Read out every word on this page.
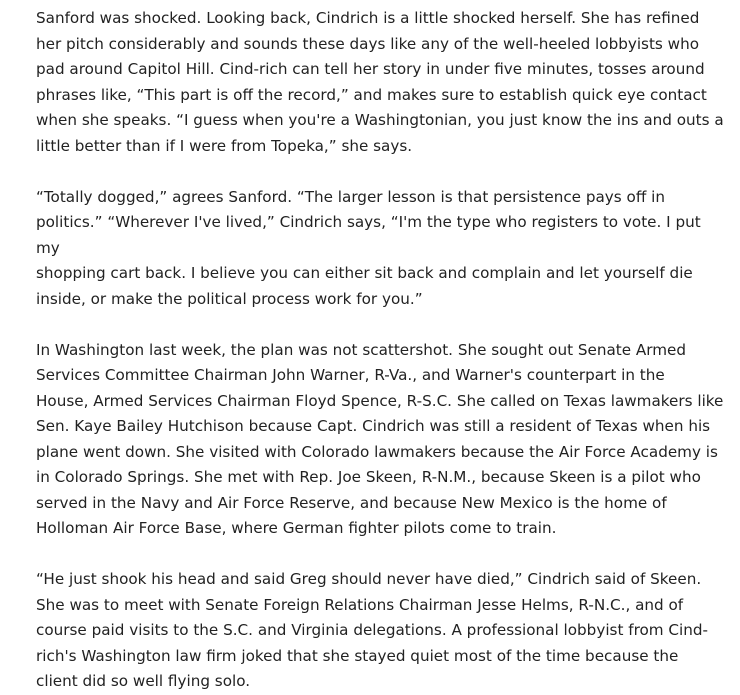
Sanford was shocked. Looking back, Cindrich is a little shocked herself. She has refined
her pitch considerably and sounds these days like any of the well-heeled lobbyists who
pad around Capitol Hill. Cind-rich can tell her story in under five minutes, tosses around
phrases like, “This part is off the record,” and makes sure to establish quick eye contact
when she speaks. “I guess when you're a Washingtonian, you just know the ins and outs a
little better than if I were from Topeka,” she says.

“Totally dogged,” agrees Sanford. “The larger lesson is that persistence pays off in
politics.” “Wherever I've lived,” Cindrich says, “I'm the type who registers to vote. I put my
shopping cart back. I believe you can either sit back and complain and let yourself die
inside, or make the political process work for you.”

In Washington last week, the plan was not scattershot. She sought out Senate Armed
Services Committee Chairman John Warner, R-Va., and Warner's counterpart in the
House, Armed Services Chairman Floyd Spence, R-S.C. She called on Texas lawmakers like
Sen. Kaye Bailey Hutchison because Capt. Cindrich was still a resident of Texas when his
plane went down. She visited with Colorado lawmakers because the Air Force Academy is
in Colorado Springs. She met with Rep. Joe Skeen, R-N.M., because Skeen is a pilot who
served in the Navy and Air Force Reserve, and because New Mexico is the home of
Holloman Air Force Base, where German fighter pilots come to train.

“He just shook his head and said Greg should never have died,” Cindrich said of Skeen.
She was to meet with Senate Foreign Relations Chairman Jesse Helms, R-N.C., and of
course paid visits to the S.C. and Virginia delegations. A professional lobbyist from Cind-
rich's Washington law firm joked that she stayed quiet most of the time because the
client did so well flying solo.
